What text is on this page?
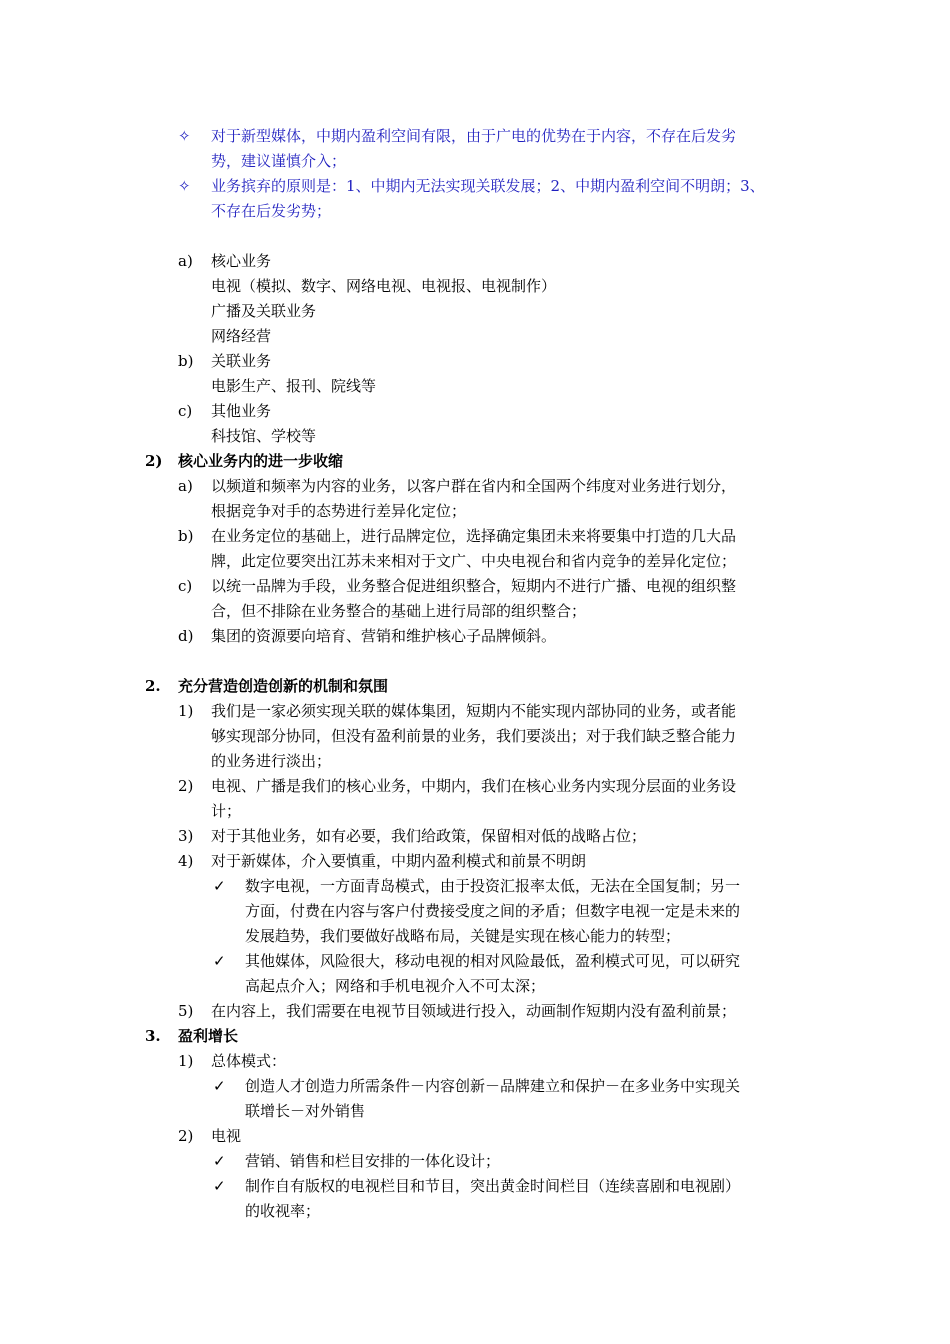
✧ 对于新型媒体，中期内盈利空间有限，由于广电的优势在于内容，不存在后发劣
势，建议谨慎介入；
✧ 业务摈弃的原则是：1、中期内无法实现关联发展；2、中期内盈利空间不明朗；3、
不存在后发劣势；
a) 核心业务
电视（模拟、数字、网络电视、电视报、电视制作）
广播及关联业务
网络经营
b) 关联业务
电影生产、报刊、院线等
c) 其他业务
科技馆、学校等
2) 核心业务内的进一步收缩
a) 以频道和频率为内容的业务，以客户群在省内和全国两个纬度对业务进行划分，
根据竞争对手的态势进行差异化定位；
b) 在业务定位的基础上，进行品牌定位，选择确定集团未来将要集中打造的几大品
牌，此定位要突出江苏未来相对于文广、中央电视台和省内竞争的差异化定位；
c) 以统一品牌为手段，业务整合促进组织整合，短期内不进行广播、电视的组织整
合，但不排除在业务整合的基础上进行局部的组织整合；
d) 集团的资源要向培育、营销和维护核心子品牌倾斜。
2. 充分营造创造创新的机制和氛围
1) 我们是一家必须实现关联的媒体集团，短期内不能实现内部协同的业务，或者能
够实现部分协同，但没有盈利前景的业务，我们要淡出；对于我们缺乏整合能力
的业务进行淡出；
2) 电视、广播是我们的核心业务，中期内，我们在核心业务内实现分层面的业务设
计；
3) 对于其他业务，如有必要，我们给政策，保留相对低的战略占位；
4) 对于新媒体，介入要慎重，中期内盈利模式和前景不明朗
✓ 数字电视，一方面青岛模式，由于投资汇报率太低，无法在全国复制；另一
方面，付费在内容与客户付费接受度之间的矛盾；但数字电视一定是未来的
发展趋势，我们要做好战略布局，关键是实现在核心能力的转型；
✓ 其他媒体，风险很大，移动电视的相对风险最低，盈利模式可见，可以研究
高起点介入；网络和手机电视介入不可太深；
5) 在内容上，我们需要在电视节目领域进行投入，动画制作短期内没有盈利前景；
3. 盈利增长
1) 总体模式：
✓ 创造人才创造力所需条件－内容创新－品牌建立和保护－在多业务中实现关
联增长－对外销售
2) 电视
✓ 营销、销售和栏目安排的一体化设计；
✓ 制作自有版权的电视栏目和节目，突出黄金时间栏目（连续喜剧和电视剧）
的收视率；
